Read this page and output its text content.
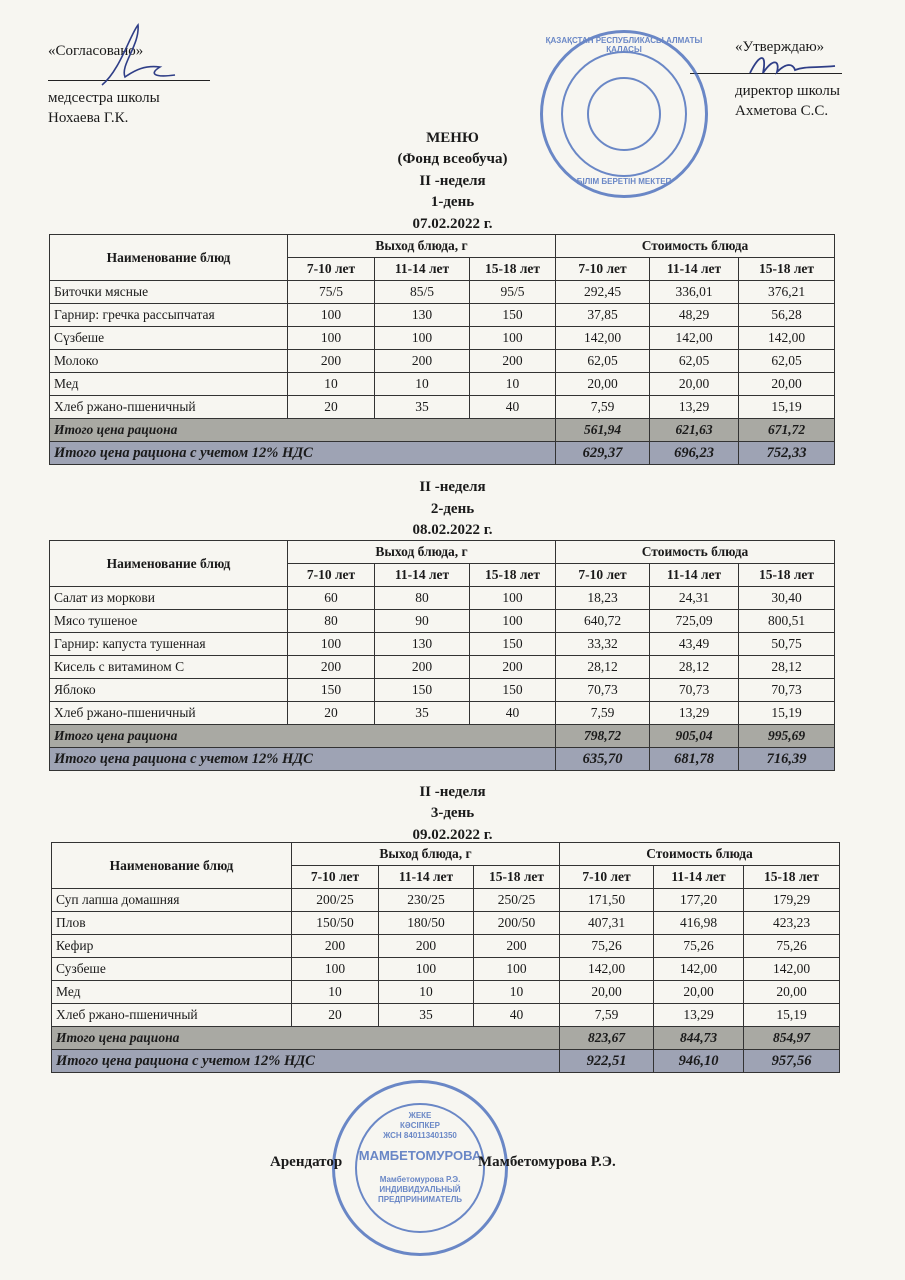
«Согласовано»
медсестра школы
Нохаева Г.К.
«Утверждаю»
директор школы
Ахметова С.С.
ҚАЗАҚСТАН РЕСПУБЛИКАСЫ АЛМАТЫ ҚАЛАСЫ
БІЛІМ БЕРЕТІН МЕКТЕП
МЕНЮ
(Фонд всеобуча)
II -неделя
1-день
07.02.2022 г.
Наименование блюд	Выход блюда, г			Стоимость блюда		
	7-10 лет	11-14 лет	15-18 лет	7-10 лет	11-14 лет	15-18 лет
Биточки мясные	75/5	85/5	95/5	292,45	336,01	376,21
Гарнир: гречка рассыпчатая	100	130	150	37,85	48,29	56,28
Сүзбеше	100	100	100	142,00	142,00	142,00
Молоко	200	200	200	62,05	62,05	62,05
Мед	10	10	10	20,00	20,00	20,00
Хлеб ржано-пшеничный	20	35	40	7,59	13,29	15,19
Итого цена рациона				561,94	621,63	671,72
Итого цена рациона с учетом 12% НДС				629,37	696,23	752,33
II -неделя
2-день
08.02.2022 г.
Наименование блюд	Выход блюда, г			Стоимость блюда		
	7-10 лет	11-14 лет	15-18 лет	7-10 лет	11-14 лет	15-18 лет
Салат из моркови	60	80	100	18,23	24,31	30,40
Мясо тушеное	80	90	100	640,72	725,09	800,51
Гарнир: капуста тушенная	100	130	150	33,32	43,49	50,75
Кисель с витамином С	200	200	200	28,12	28,12	28,12
Яблоко	150	150	150	70,73	70,73	70,73
Хлеб ржано-пшеничный	20	35	40	7,59	13,29	15,19
Итого цена рациона				798,72	905,04	995,69
Итого цена рациона с учетом 12% НДС				635,70	681,78	716,39
II -неделя
3-день
09.02.2022 г.
Наименование блюд	Выход блюда, г			Стоимость блюда		
	7-10 лет	11-14 лет	15-18 лет	7-10 лет	11-14 лет	15-18 лет
Суп лапша домашняя	200/25	230/25	250/25	171,50	177,20	179,29
Плов	150/50	180/50	200/50	407,31	416,98	423,23
Кефир	200	200	200	75,26	75,26	75,26
Сузбеше	100	100	100	142,00	142,00	142,00
Мед	10	10	10	20,00	20,00	20,00
Хлеб ржано-пшеничный	20	35	40	7,59	13,29	15,19
Итого цена рациона				823,67	844,73	854,97
Итого цена рациона с учетом 12% НДС				922,51	946,10	957,56
ЖЕКЕ
КӘСІПКЕР
ЖСН 840113401350
МАМБЕТОМУРОВА
Мамбетомурова Р.Э.
ИНДИВИДУАЛЬНЫЙ
ПРЕДПРИНИМАТЕЛЬ
Арендатор	Мамбетомурова Р.Э.
